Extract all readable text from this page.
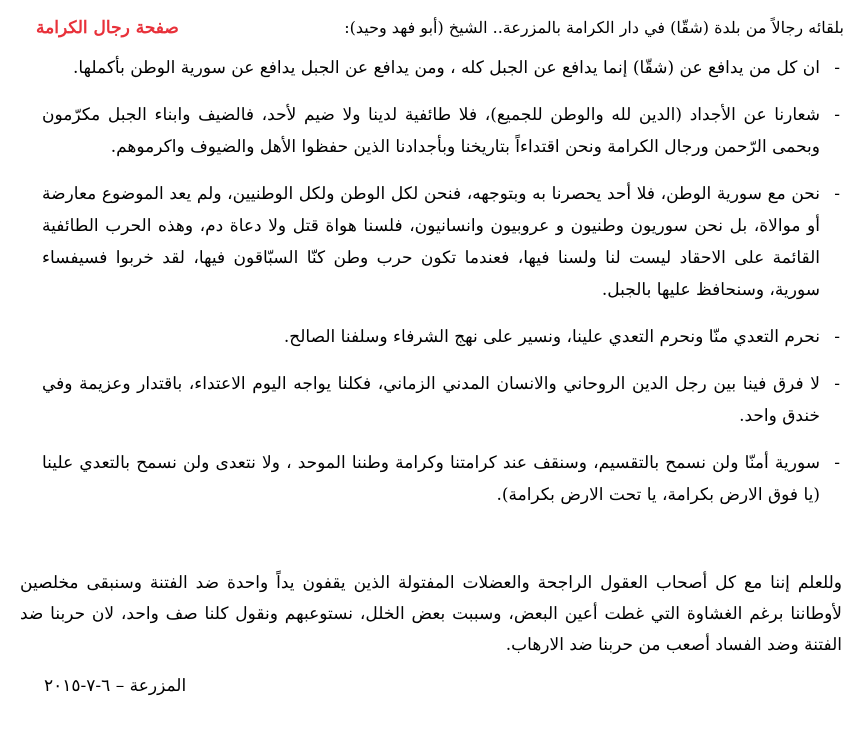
بلقائه رجالاً من بلدة (شقّا) في دار الكرامة بالمزرعة.. الشيخ (أبو فهد وحيد):
صفحة رجال الكرامة
-
ان كل من يدافع عن (شقّا) إنما يدافع عن الجبل كله ، ومن يدافع عن الجبل يدافع عن سورية الوطن بأكملها.
-
شعارنا عن الأجداد (الدين لله والوطن للجميع)، فلا طائفية لدينا ولا ضيم لأحد، فالضيف وابناء الجبل مكرّمون وبحمى الرّحمن ورجال الكرامة ونحن اقتداءاً بتاريخنا وبأجدادنا الذين حفظوا الأهل والضيوف واكرموهم.
-
نحن مع سورية الوطن، فلا أحد يحصرنا به وبتوجهه، فنحن لكل الوطن ولكل الوطنيين، ولم يعد الموضوع معارضة أو موالاة، بل نحن سوريون وطنيون و عروبيون وانسانيون، فلسنا هواة قتل ولا دعاة دم، وهذه الحرب الطائفية القائمة على الاحقاد ليست لنا ولسنا فيها، فعندما تكون حرب وطن كنّا السبّاقون فيها، لقد خربوا فسيفساء سورية، وسنحافظ عليها بالجبل.
-
نحرم التعدي منّا ونحرم التعدي علينا، ونسير على نهج الشرفاء وسلفنا الصالح.
-
لا فرق فينا بين رجل الدين الروحاني والانسان المدني الزماني، فكلنا يواجه اليوم الاعتداء، باقتدار وعزيمة وفي خندق واحد.
-
سورية أمنّا ولن نسمح بالتقسيم، وسنقف عند كرامتنا وكرامة وطننا الموحد ، ولا نتعدى ولن نسمح بالتعدي علينا (يا فوق الارض بكرامة، يا تحت الارض بكرامة).

وللعلم إننا مع كل أصحاب العقول الراجحة والعضلات المفتولة الذين يقفون يداً واحدة ضد الفتنة وسنبقى مخلصين لأوطاننا برغم الغشاوة التي غطت أعين البعض، وسببت بعض الخلل، نستوعبهم ونقول كلنا صف واحد، لان حربنا ضد الفتنة وضد الفساد أصعب من حربنا ضد الارهاب.

المزرعة – ٦-٧-٢٠١٥
